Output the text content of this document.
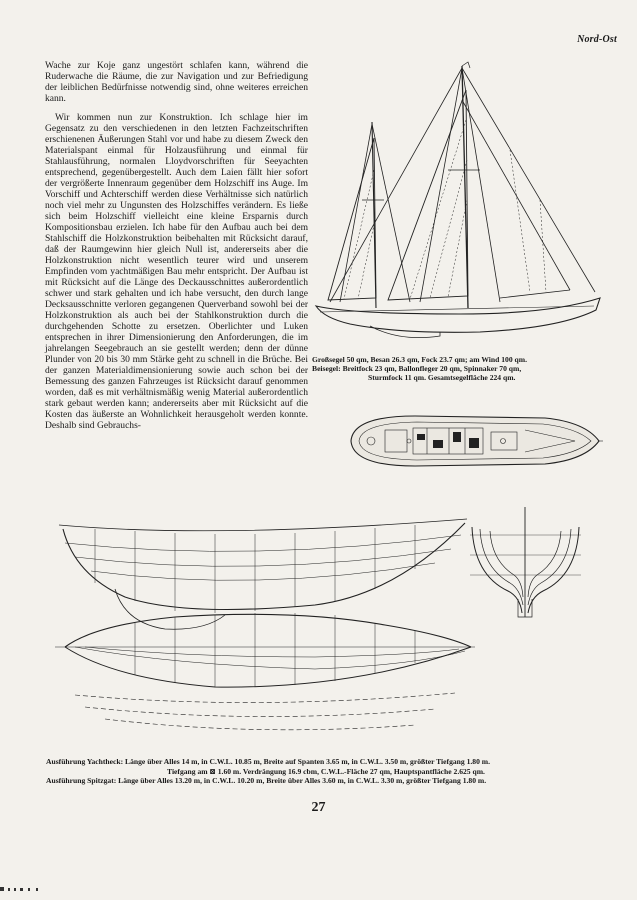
Nord-Ost

Wache zur Koje ganz ungestört schlafen kann, während die Ruderwache die Räume, die zur Navigation und zur Befriedigung der leiblichen Bedürfnisse notwendig sind, ohne weiteres erreichen kann.

Wir kommen nun zur Konstruktion. Ich schlage hier im Gegensatz zu den verschiedenen in den letzten Fachzeitschriften erschienenen Äußerungen Stahl vor und habe zu diesem Zweck den Materialspant einmal für Holzausführung und einmal für Stahlausführung, normalen Lloydvorschriften für Seeyachten entsprechend, gegenübergestellt. Auch dem Laien fällt hier sofort der vergrößerte Innenraum gegenüber dem Holzschiff ins Auge. Im Vorschiff und Achterschiff werden diese Verhältnisse sich natürlich noch viel mehr zu Ungunsten des Holzschiffes verändern. Es ließe sich beim Holzschiff vielleicht eine kleine Ersparnis durch Kompositionsbau erzielen. Ich habe für den Aufbau auch bei dem Stahlschiff die Holzkonstruktion beibehalten mit Rücksicht darauf, daß der Raumgewinn hier gleich Null ist, andererseits aber die Holzkonstruktion nicht wesentlich teurer wird und unserem Empfinden vom yachtmäßigen Bau mehr entspricht. Der Aufbau ist mit Rücksicht auf die Länge des Deckausschnittes außerordentlich schwer und stark gehalten und ich habe versucht, den durch lange Decksausschnitte verloren gegangenen Querverband sowohl bei der Holzkonstruktion als auch bei der Stahlkonstruktion durch die durchgehenden Schotte zu ersetzen. Oberlichter und Luken entsprechen in ihrer Dimensionierung den Anforderungen, die im jahrelangen Seegebrauch an sie gestellt werden; denn der dünne Plunder von 20 bis 30 mm Stärke geht zu schnell in die Brüche. Bei der ganzen Materialdimensionierung sowie auch schon bei der Bemessung des ganzen Fahrzeuges ist Rücksicht darauf genommen worden, daß es mit verhältnismäßig wenig Material außerordentlich stark gebaut werden kann; andererseits aber mit Rücksicht auf die Kosten das äußerste an Wohnlichkeit herausgeholt werden konnte. Deshalb sind Gebrauchs-

Großsegel 50 qm, Besan 26.3 qm, Fock 23.7 qm; am Wind 100 qm.
Beisegel: Breitfock 23 qm, Ballonfleger 20 qm, Spinnaker 70 qm,
Sturmfock 11 qm. Gesamtsegelfläche 224 qm.
Ausführung Yachtheck: Länge über Alles 14 m, in C.W.L. 10.85 m, Breite auf Spanten 3.65 m, in C.W.L. 3.50 m, größter Tiefgang 1.80 m.
Tiefgang am ⊠ 1.60 m. Verdrängung 16.9 cbm, C.W.L.-Fläche 27 qm, Hauptspantfläche 2.625 qm.
Ausführung Spitzgat: Länge über Alles 13.20 m, in C.W.L. 10.20 m, Breite über Alles 3.60 m, in C.W.L. 3.30 m, größter Tiefgang 1.80 m.
27
